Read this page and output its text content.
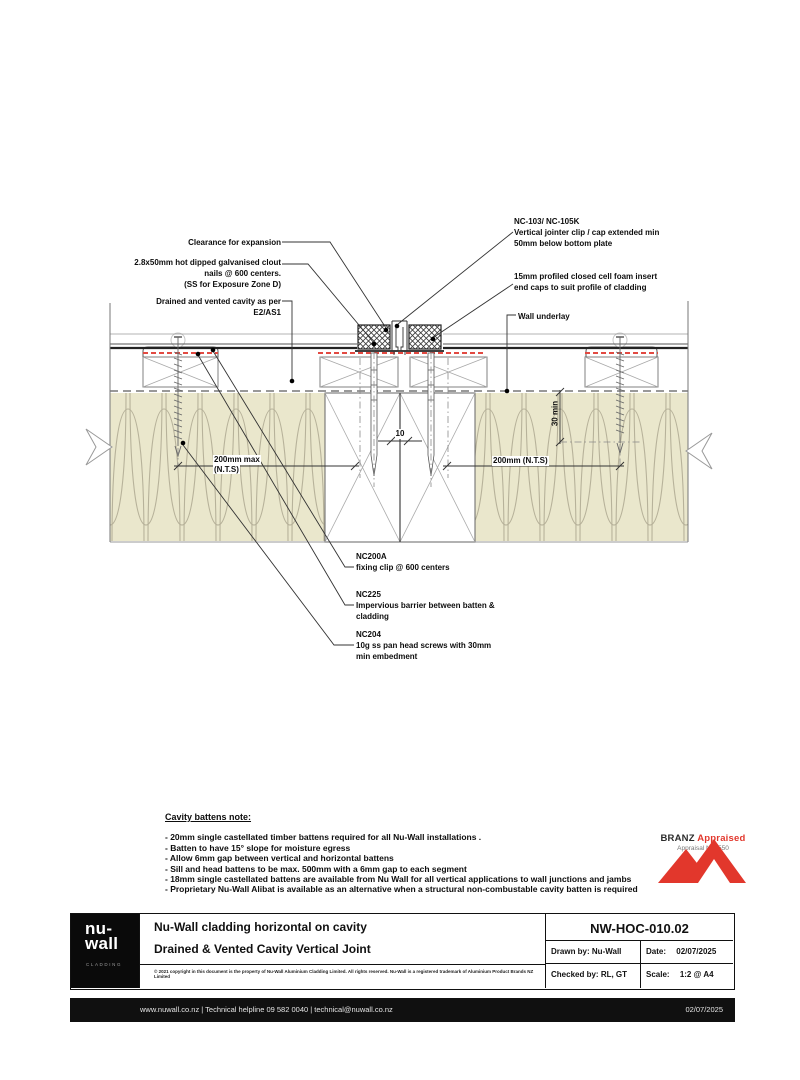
Clearance for expansion
2.8x50mm hot dipped galvanised clout
nails @ 600 centers.
(SS for Exposure Zone D)
Drained and vented cavity as per
E2/AS1
NC-103/ NC-105K
Vertical jointer clip / cap extended min
50mm below bottom plate
15mm profiled closed cell foam insert
end caps to suit profile of cladding
Wall underlay
NC200A
fixing clip @ 600 centers
NC225
Impervious barrier between batten &
cladding
NC204
10g ss pan head screws with 30mm
min embedment
200mm max
(N.T.S)
200mm (N.T.S)
10
30 min
Cavity battens note:
- 20mm single castellated timber battens required for all Nu-Wall installations .
- Batten to have 15° slope for moisture egress
- Allow 6mm gap between vertical and horizontal battens
- Sill and head battens to be max. 500mm with a 6mm gap to each segment
- 18mm single castellated battens are available from Nu Wall for all vertical applications to wall junctions and jambs
- Proprietary Nu-Wall Alibat is available as an alternative when a structural non-combustable cavity batten is required
BRANZ Appraised
Appraisal No. 550
nu-
wall
CLADDING
Nu-Wall cladding horizontal on cavity
Drained & Vented Cavity Vertical Joint
© 2021 copyright in this document is the property of Nu-Wall Aluminium Cladding Limited. All rights reserved. Nu-Wall is a registered trademark of Aluminium Product Brands NZ Limited
NW-HOC-010.02
Drawn by: Nu-Wall	Date: 02/07/2025
Checked by: RL, GT	Scale: 1:2 @ A4
www.nuwall.co.nz | Technical helpline 09 582 0040 | technical@nuwall.co.nz	02/07/2025
